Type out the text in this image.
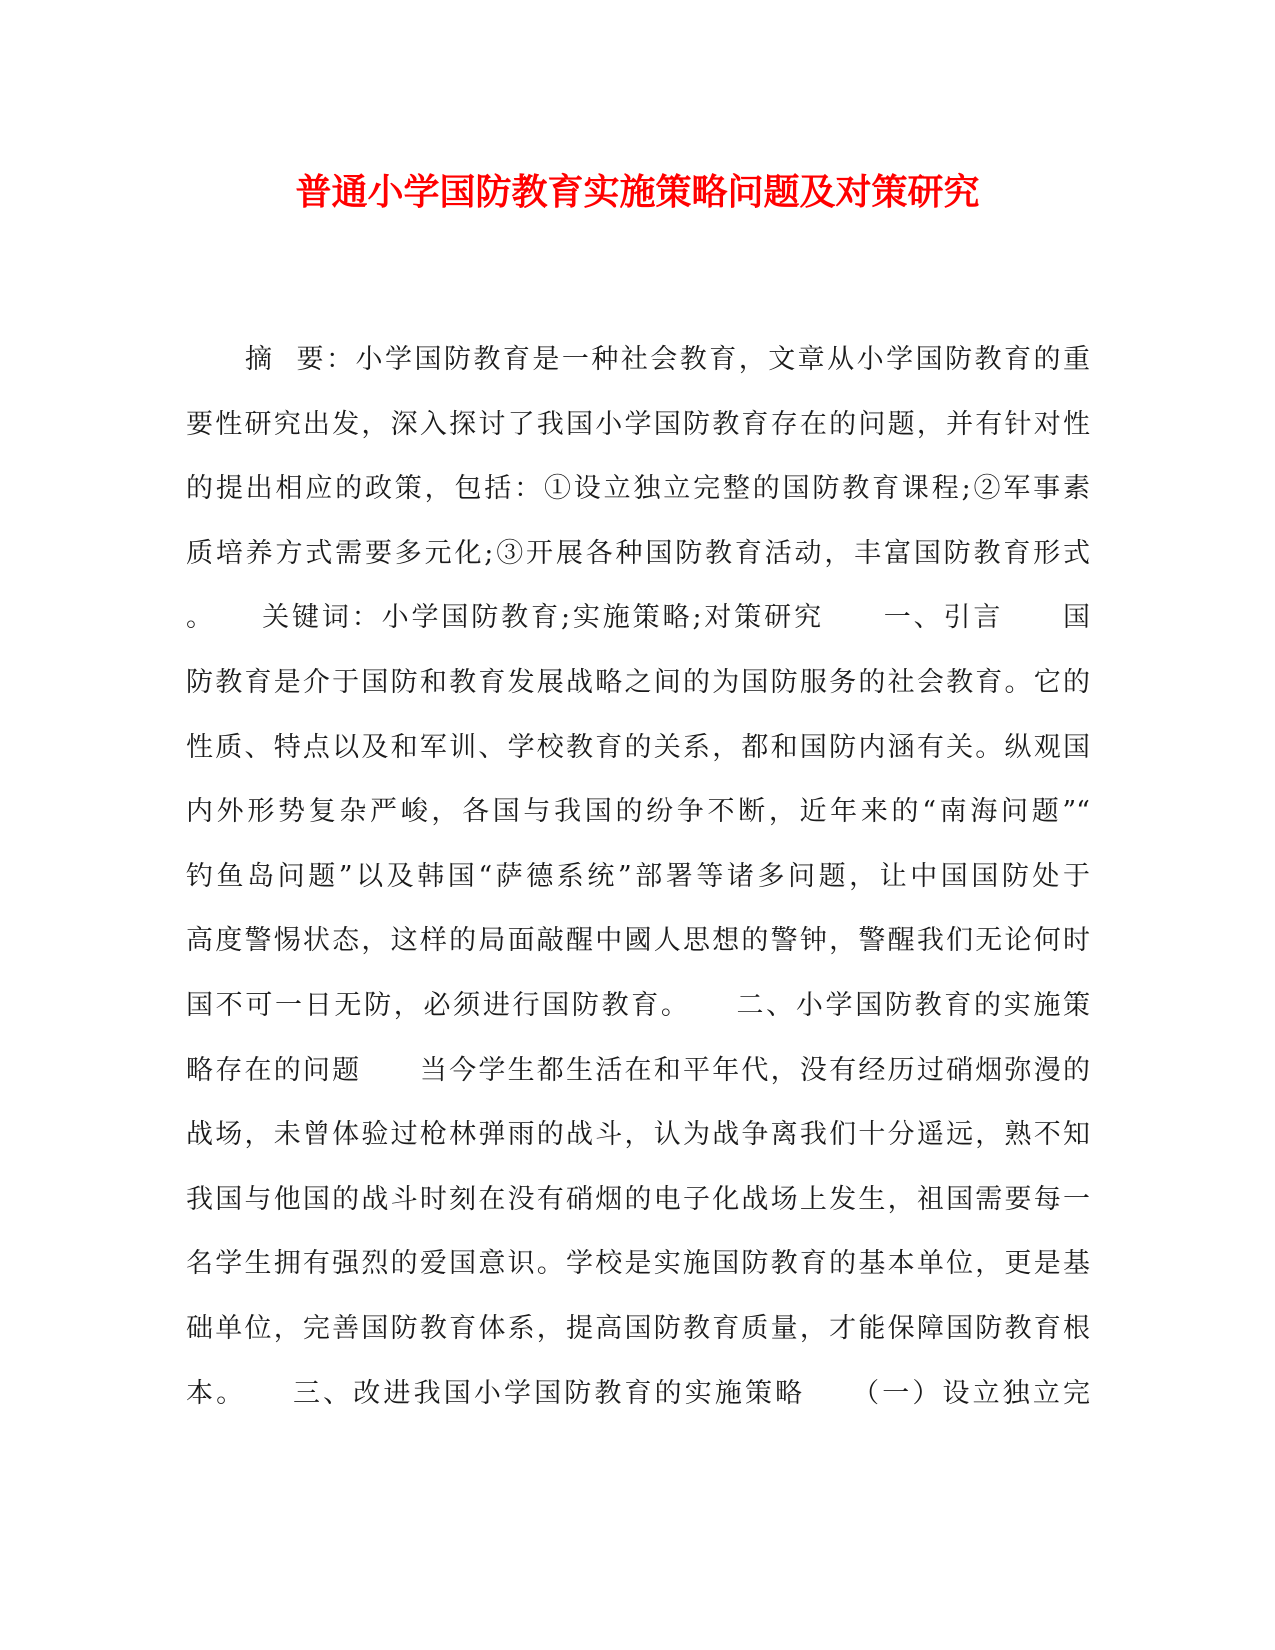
普通小学国防教育实施策略问题及对策研究
　　摘  要：小学国防教育是一种社会教育，文章从小学国防教育的重
要性研究出发，深入探讨了我国小学国防教育存在的问题，并有针对性
的提出相应的政策，包括：①设立独立完整的国防教育课程;②军事素
质培养方式需要多元化;③开展各种国防教育活动，丰富国防教育形式
。　　关键词：小学国防教育;实施策略;对策研究　　一、引言　　国
防教育是介于国防和教育发展战略之间的为国防服务的社会教育。它的
性质、特点以及和军训、学校教育的关系，都和国防内涵有关。纵观国
内外形势复杂严峻，各国与我国的纷争不断，近年来的“南海问题”“
钓鱼岛问题”以及韩国“萨德系统”部署等诸多问题，让中国国防处于
高度警惕状态，这样的局面敲醒中國人思想的警钟，警醒我们无论何时
国不可一日无防，必须进行国防教育。　　二、小学国防教育的实施策
略存在的问题　　当今学生都生活在和平年代，没有经历过硝烟弥漫的
战场，未曾体验过枪林弹雨的战斗，认为战争离我们十分遥远，熟不知
我国与他国的战斗时刻在没有硝烟的电子化战场上发生，祖国需要每一
名学生拥有强烈的爱国意识。学校是实施国防教育的基本单位，更是基
础单位，完善国防教育体系，提高国防教育质量，才能保障国防教育根
本。　　三、改进我国小学国防教育的实施策略　　（一）设立独立完
